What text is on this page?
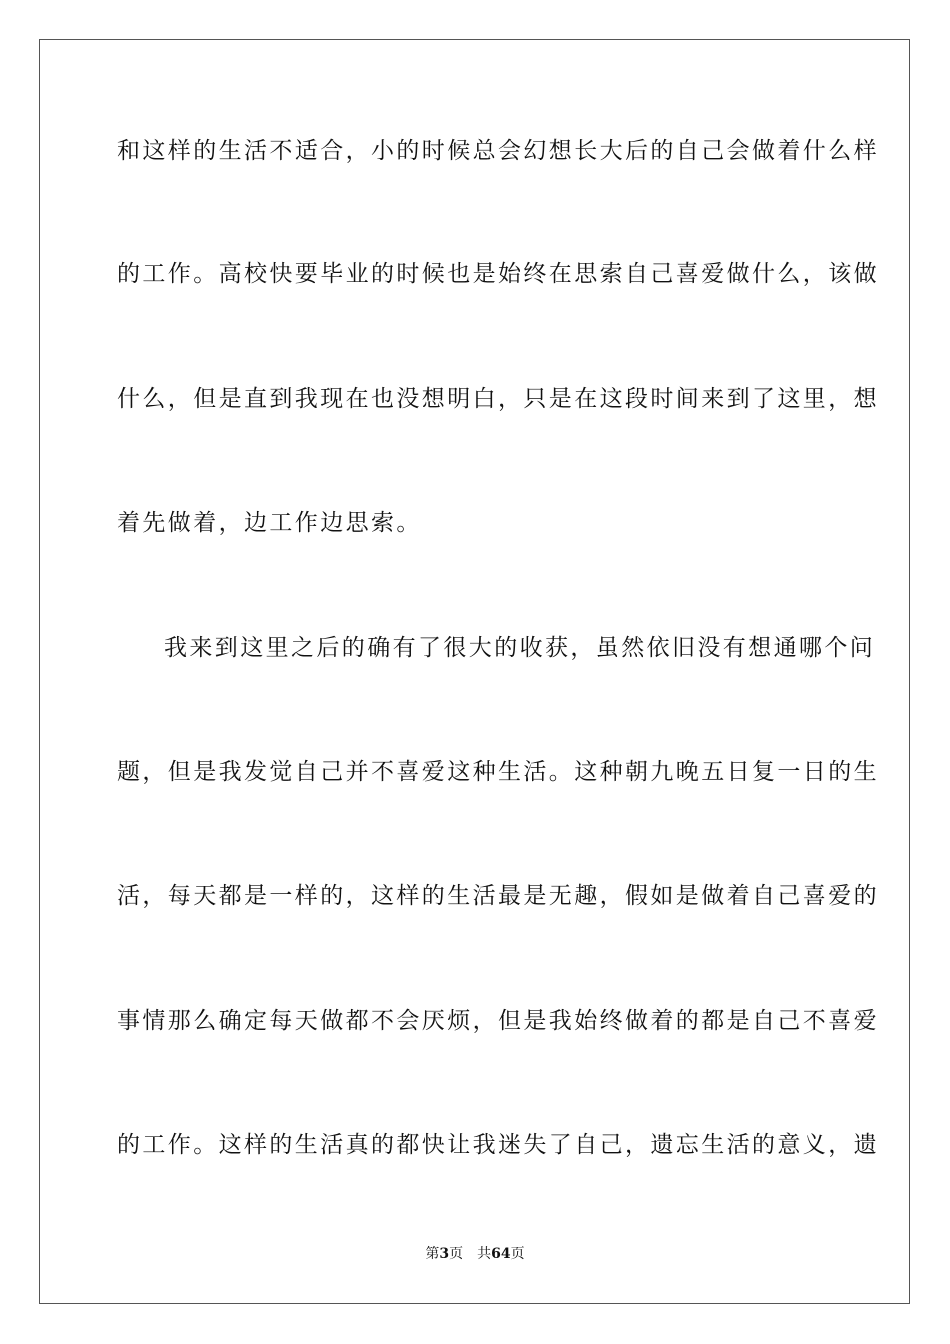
和这样的生活不适合，小的时候总会幻想长大后的自己会做着什么样
的工作。高校快要毕业的时候也是始终在思索自己喜爱做什么，该做
什么，但是直到我现在也没想明白，只是在这段时间来到了这里，想
着先做着，边工作边思索。
我来到这里之后的确有了很大的收获，虽然依旧没有想通哪个问
题，但是我发觉自己并不喜爱这种生活。这种朝九晚五日复一日的生
活，每天都是一样的，这样的生活最是无趣，假如是做着自己喜爱的
事情那么确定每天做都不会厌烦，但是我始终做着的都是自己不喜爱
的工作。这样的生活真的都快让我迷失了自己，遗忘生活的意义，遗
第3页 共64页
